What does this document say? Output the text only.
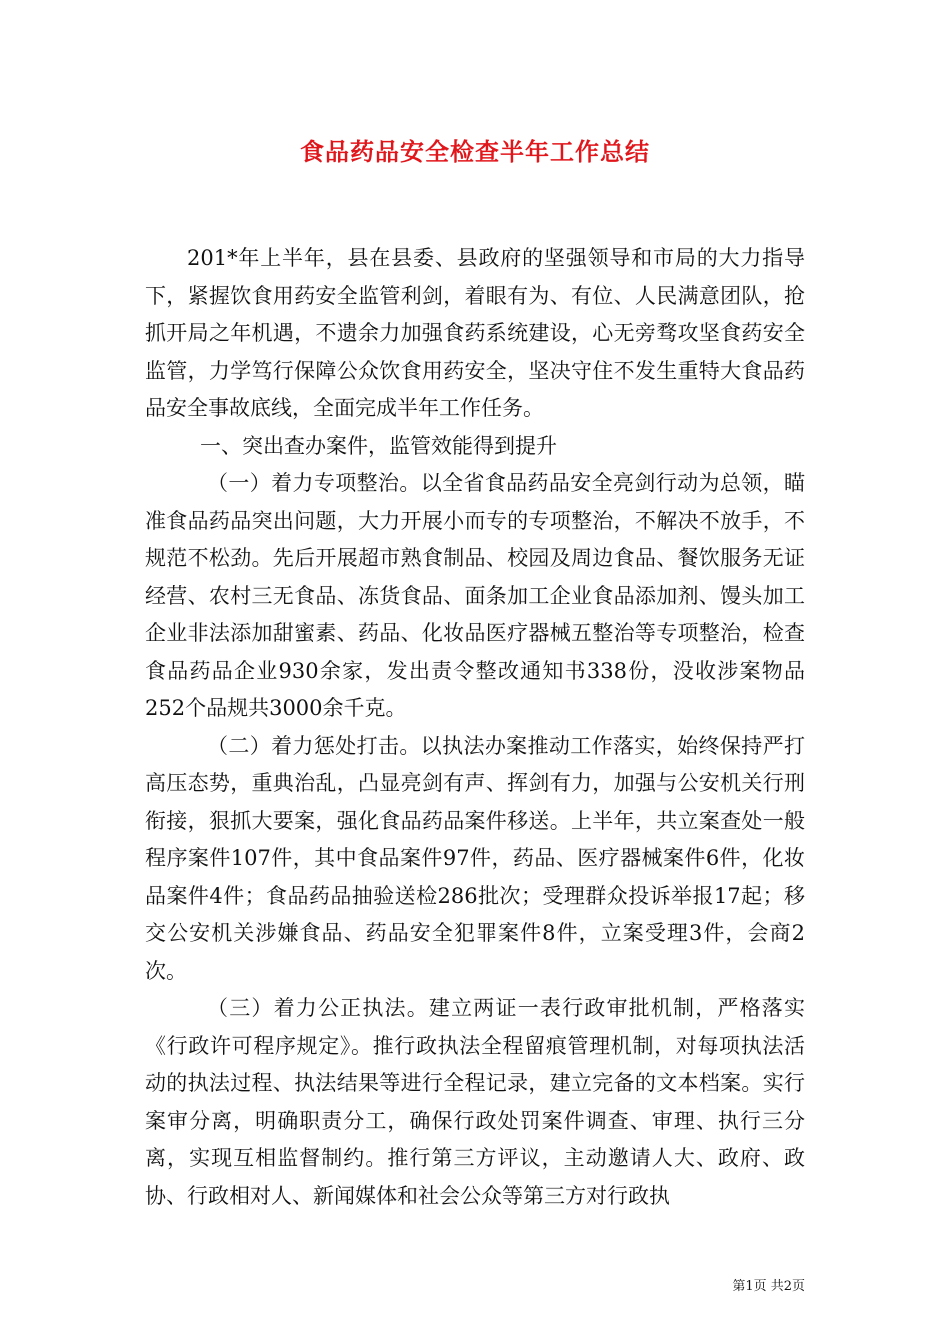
食品药品安全检查半年工作总结

201*年上半年，县在县委、县政府的坚强领导和市局的大力指导下，紧握饮食用药安全监管利剑，着眼有为、有位、人民满意团队，抢抓开局之年机遇，不遗余力加强食药系统建设，心无旁骛攻坚食药安全监管，力学笃行保障公众饮食用药安全，坚决守住不发生重特大食品药品安全事故底线，全面完成半年工作任务。

一、突出查办案件，监管效能得到提升

（一）着力专项整治。以全省食品药品安全亮剑行动为总领，瞄准食品药品突出问题，大力开展小而专的专项整治，不解决不放手，不规范不松劲。先后开展超市熟食制品、校园及周边食品、餐饮服务无证经营、农村三无食品、冻货食品、面条加工企业食品添加剂、馒头加工企业非法添加甜蜜素、药品、化妆品医疗器械五整治等专项整治，检查食品药品企业930余家，发出责令整改通知书338份，没收涉案物品252个品规共3000余千克。

（二）着力惩处打击。以执法办案推动工作落实，始终保持严打高压态势，重典治乱，凸显亮剑有声、挥剑有力，加强与公安机关行刑衔接，狠抓大要案，强化食品药品案件移送。上半年，共立案查处一般程序案件107件，其中食品案件97件，药品、医疗器械案件6件，化妆品案件4件；食品药品抽验送检286批次；受理群众投诉举报17起；移交公安机关涉嫌食品、药品安全犯罪案件8件，立案受理3件，会商2次。

（三）着力公正执法。建立两证一表行政审批机制，严格落实《行政许可程序规定》。推行政执法全程留痕管理机制，对每项执法活动的执法过程、执法结果等进行全程记录，建立完备的文本档案。实行案审分离，明确职责分工，确保行政处罚案件调查、审理、执行三分离，实现互相监督制约。推行第三方评议，主动邀请人大、政府、政协、行政相对人、新闻媒体和社会公众等第三方对行政执

第1页 共2页
